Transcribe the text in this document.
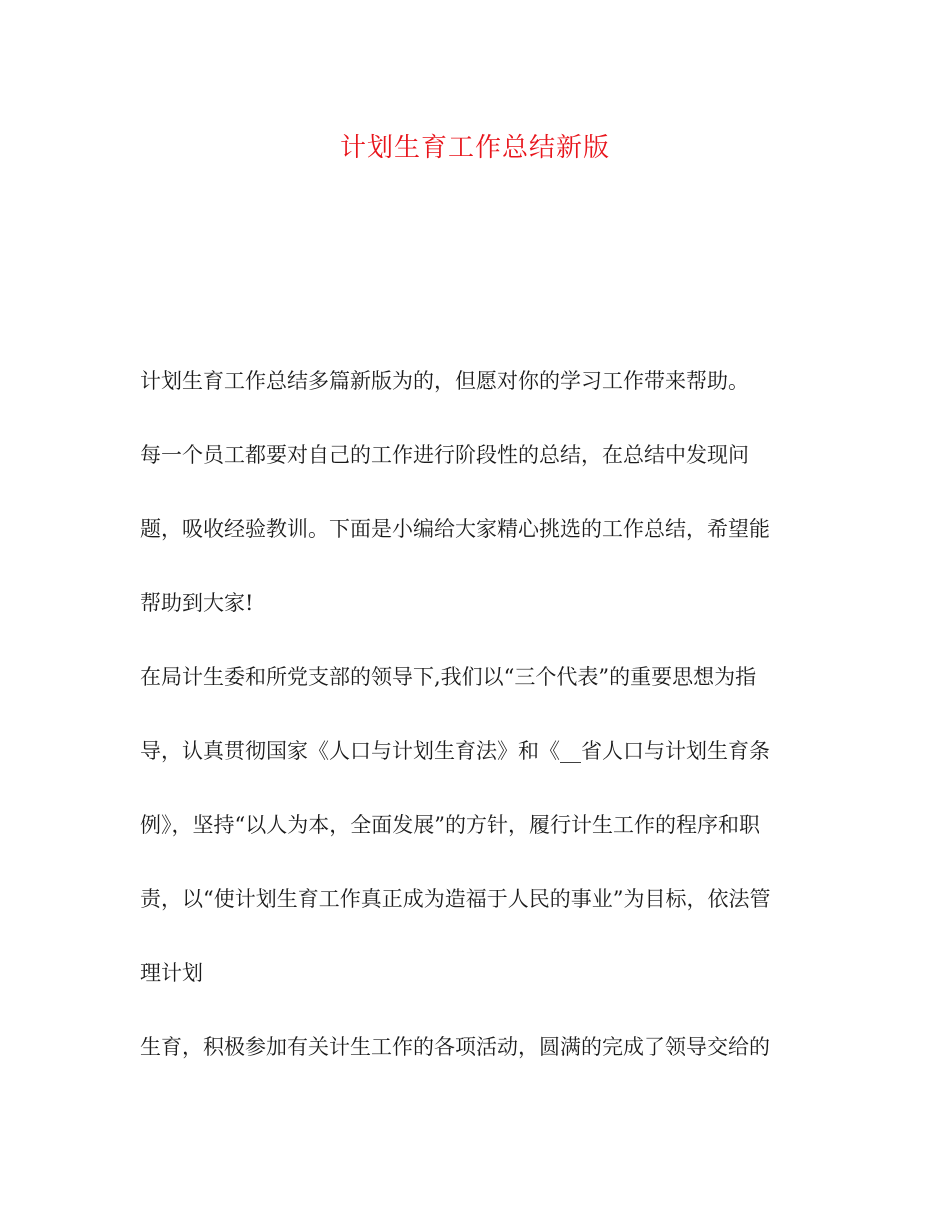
计划生育工作总结新版
计划生育工作总结多篇新版为的，但愿对你的学习工作带来帮助。
每一个员工都要对自己的工作进行阶段性的总结，在总结中发现问
题，吸收经验教训。下面是小编给大家精心挑选的工作总结，希望能
帮助到大家!
在局计生委和所党支部的领导下,我们以“三个代表”的重要思想为指
导，认真贯彻国家《人口与计划生育法》和《__省人口与计划生育条
例》，坚持“以人为本，全面发展”的方针，履行计生工作的程序和职
责，以“使计划生育工作真正成为造福于人民的事业”为目标，依法管
理计划
生育，积极参加有关计生工作的各项活动，圆满的完成了领导交给的
